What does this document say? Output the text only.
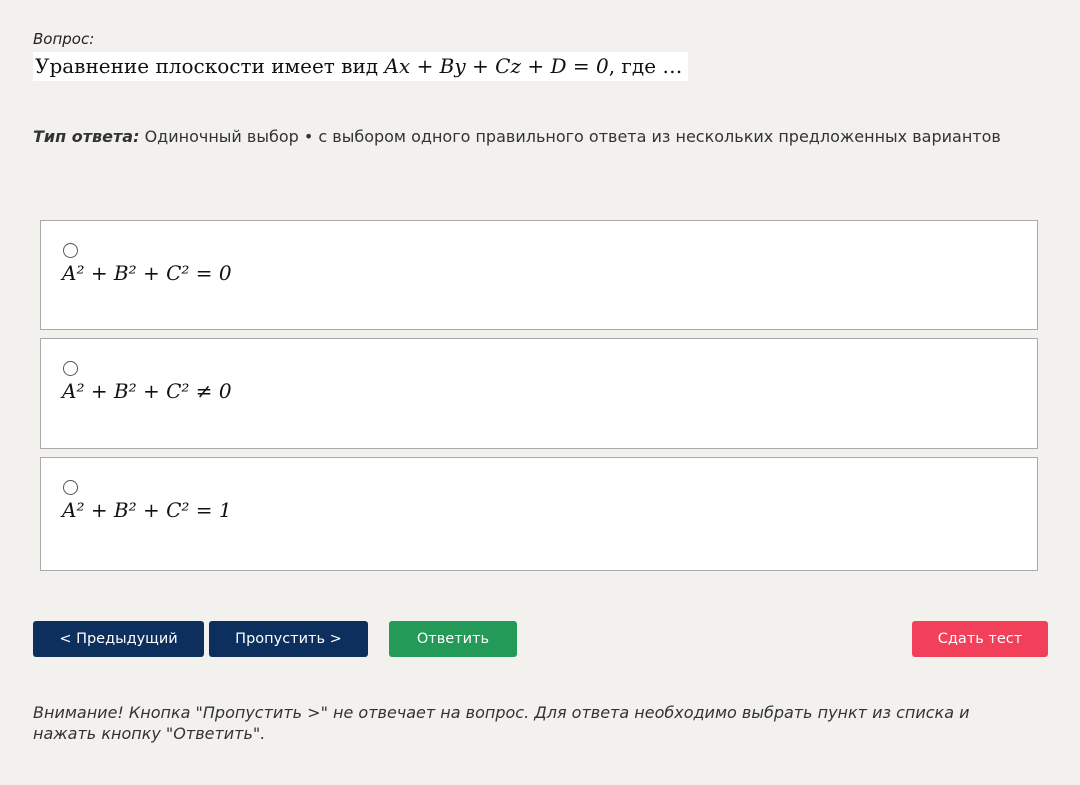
Вопрос:
Уравнение плоскости имеет вид Ax + By + Cz + D = 0, где …
Тип ответа: Одиночный выбор • с выбором одного правильного ответа из нескольких предложенных вариантов
A² + B² + C² = 0
A² + B² + C² ≠ 0
A² + B² + C² = 1
< Предыдущий	Пропустить >	Ответить	Сдать тест
Внимание! Кнопка "Пропустить >" не отвечает на вопрос. Для ответа необходимо выбрать пункт из списка и нажать кнопку "Ответить".
